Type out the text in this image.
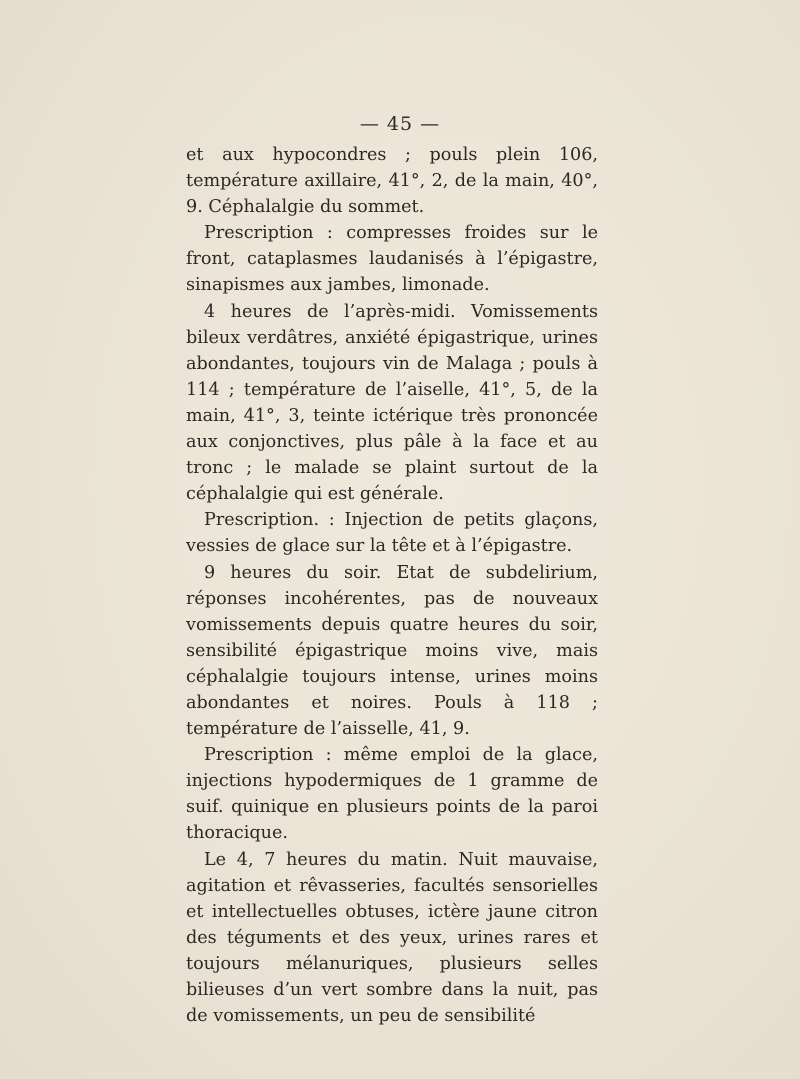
— 45 —

et aux hypocondres ; pouls plein 106, température axillaire, 41°, 2, de la main, 40°, 9. Céphalalgie du sommet.

Prescription : compresses froides sur le front, cataplasmes laudanisés à l’épigastre, sinapismes aux jambes, limonade.

4 heures de l’après-midi. Vomissements bileux verdâtres, anxiété épigastrique, urines abondantes, toujours vin de Malaga ; pouls à 114 ; température de l’aiselle, 41°, 5, de la main, 41°, 3, teinte ictérique très prononcée aux conjonctives, plus pâle à la face et au tronc ; le malade se plaint surtout de la céphalalgie qui est générale.

Prescription. : Injection de petits glaçons, vessies de glace sur la tête et à l’épigastre.

9 heures du soir. Etat de subdelirium, réponses incohérentes, pas de nouveaux vomissements depuis quatre heures du soir, sensibilité épigastrique moins vive, mais céphalalgie toujours intense, urines moins abondantes et noires. Pouls à 118 ; température de l’aisselle, 41, 9.

Prescription : même emploi de la glace, injections hypodermiques de 1 gramme de suif. quinique en plusieurs points de la paroi thoracique.

Le 4, 7 heures du matin. Nuit mauvaise, agitation et rêvasseries, facultés sensorielles et intellectuelles obtuses, ictère jaune citron des téguments et des yeux, urines rares et toujours mélanuriques, plusieurs selles bilieuses d’un vert sombre dans la nuit, pas de vomissements, un peu de sensibilité
